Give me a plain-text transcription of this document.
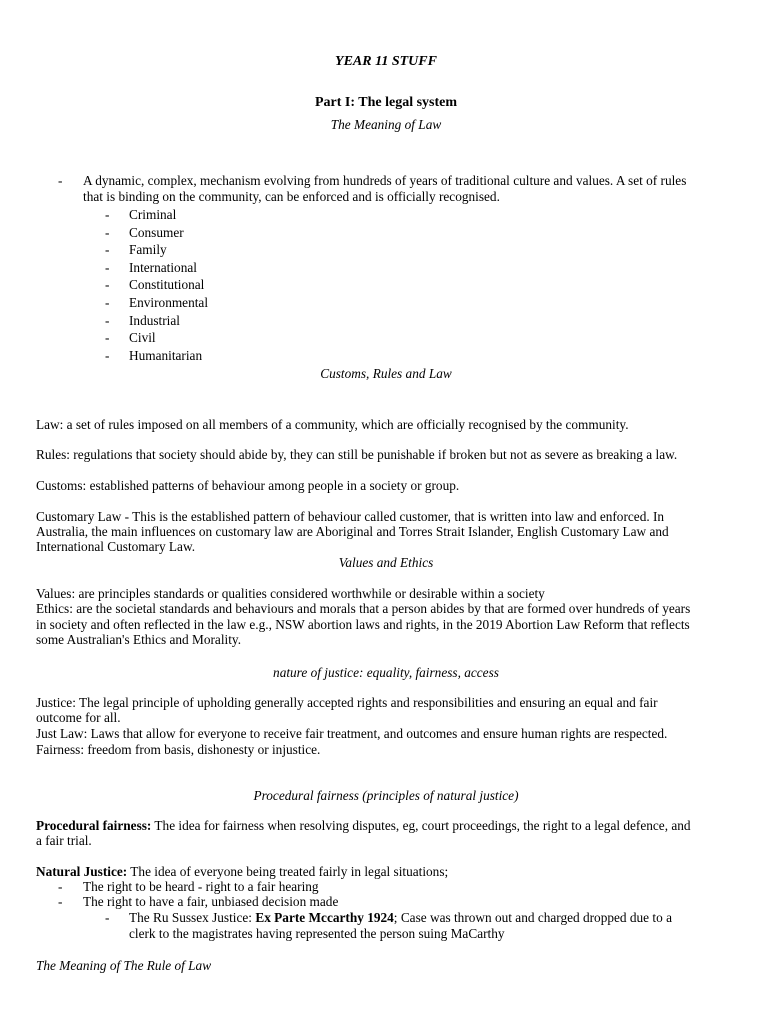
YEAR 11 STUFF
Part I: The legal system
The Meaning of Law
- A dynamic, complex, mechanism evolving from hundreds of years of traditional culture and values. A set of rules
that is binding on the community, can be enforced and is officially recognised.
- Criminal
- Consumer
- Family
- International
- Constitutional
- Environmental
- Industrial
- Civil
- Humanitarian
Customs, Rules and Law
Law: a set of rules imposed on all members of a community, which are officially recognised by the community.
Rules: regulations that society should abide by, they can still be punishable if broken but not as severe as breaking a law.
Customs: established patterns of behaviour among people in a society or group.
Customary Law - This is the established pattern of behaviour called customer, that is written into law and enforced. In
Australia, the main influences on customary law are Aboriginal and Torres Strait Islander, English Customary Law and
International Customary Law.
Values and Ethics
Values: are principles standards or qualities considered worthwhile or desirable within a society
Ethics: are the societal standards and behaviours and morals that a person abides by that are formed over hundreds of years
in society and often reflected in the law e.g., NSW abortion laws and rights, in the 2019 Abortion Law Reform that reflects
some Australian's Ethics and Morality.
nature of justice: equality, fairness, access
Justice: The legal principle of upholding generally accepted rights and responsibilities and ensuring an equal and fair
outcome for all.
Just Law: Laws that allow for everyone to receive fair treatment, and outcomes and ensure human rights are respected.
Fairness: freedom from basis, dishonesty or injustice.
Procedural fairness (principles of natural justice)
Procedural fairness: The idea for fairness when resolving disputes, eg, court proceedings, the right to a legal defence, and
a fair trial.
Natural Justice: The idea of everyone being treated fairly in legal situations;
- The right to be heard - right to a fair hearing
- The right to have a fair, unbiased decision made
- The Ru Sussex Justice: Ex Parte Mccarthy 1924; Case was thrown out and charged dropped due to a
clerk to the magistrates having represented the person suing MaCarthy
The Meaning of The Rule of Law
